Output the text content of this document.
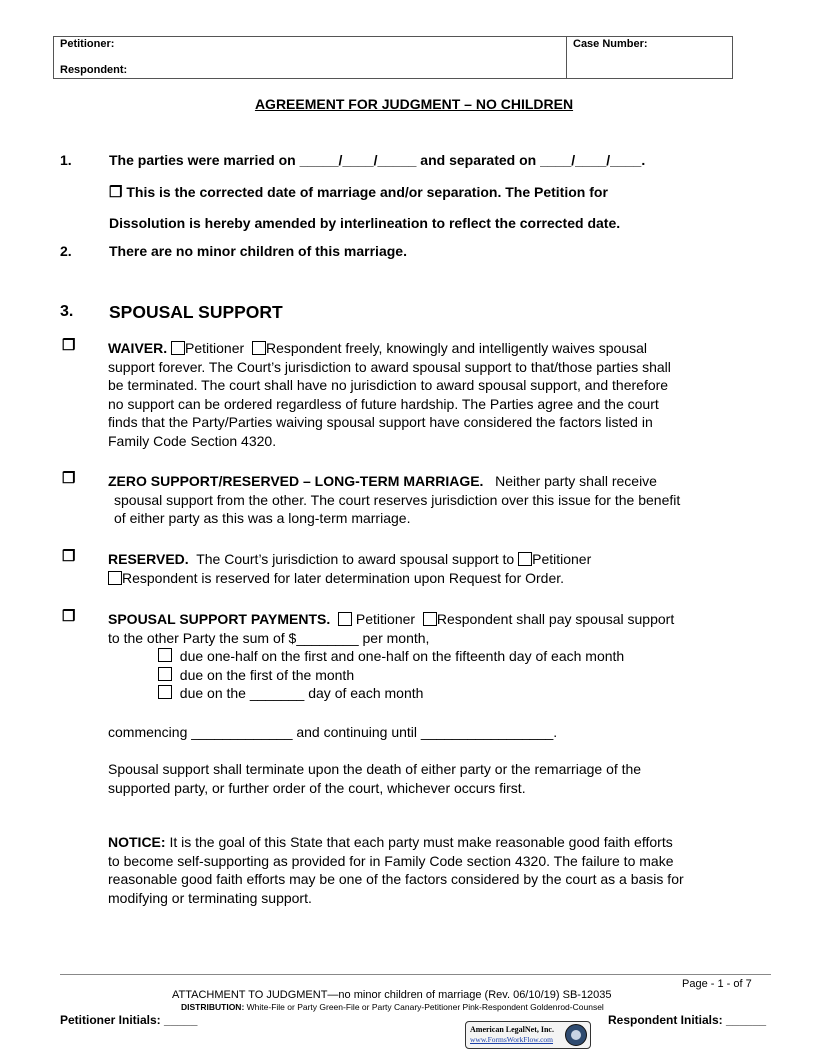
Petitioner:
Respondent:
Case Number:
AGREEMENT FOR JUDGMENT – NO CHILDREN
1.	The parties were married on _____/____/_____ and separated on ____/____/____.
❒ This is the corrected date of marriage and/or separation. The Petition for
Dissolution is hereby amended by interlineation to reflect the corrected date.
2.	There are no minor children of this marriage.
3. SPOUSAL SUPPORT
❒ WAIVER. Petitioner Respondent freely, knowingly and intelligently waives spousal
support forever. The Court’s jurisdiction to award spousal support to that/those parties shall
be terminated. The court shall have no jurisdiction to award spousal support, and therefore
no support can be ordered regardless of future hardship. The Parties agree and the court
finds that the Party/Parties waiving spousal support have considered the factors listed in
Family Code Section 4320.
❒ ZERO SUPPORT/RESERVED – LONG-TERM MARRIAGE. Neither party shall receive
spousal support from the other. The court reserves jurisdiction over this issue for the benefit
of either party as this was a long-term marriage.
❒ RESERVED. The Court’s jurisdiction to award spousal support to Petitioner
Respondent is reserved for later determination upon Request for Order.
❒ SPOUSAL SUPPORT PAYMENTS. Petitioner Respondent shall pay spousal support
to the other Party the sum of $________ per month,
due one-half on the first and one-half on the fifteenth day of each month
due on the first of the month
due on the _______ day of each month
commencing _____________ and continuing until _________________.
Spousal support shall terminate upon the death of either party or the remarriage of the
supported party, or further order of the court, whichever occurs first.
NOTICE: It is the goal of this State that each party must make reasonable good faith efforts
to become self-supporting as provided for in Family Code section 4320. The failure to make
reasonable good faith efforts may be one of the factors considered by the court as a basis for
modifying or terminating support.
Page - 1 - of 7
ATTACHMENT TO JUDGMENT—no minor children of marriage (Rev. 06/10/19) SB-12035
DISTRIBUTION: White-File or Party Green-File or Party Canary-Petitioner Pink-Respondent Goldenrod-Counsel
Petitioner Initials: _____	Respondent Initials: ______
American LegalNet, Inc.
www.FormsWorkFlow.com
